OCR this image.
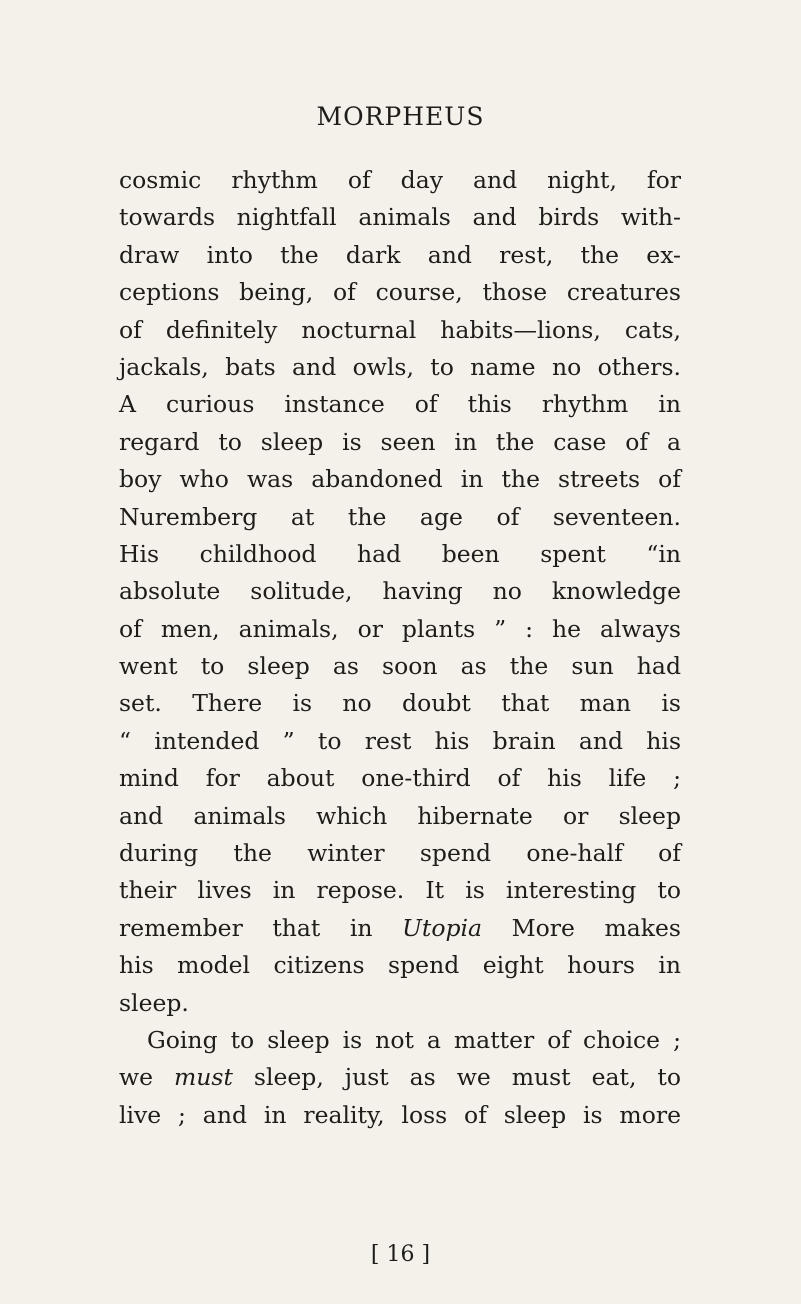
MORPHEUS
cosmic rhythm of day and night, for
towards nightfall animals and birds with-
draw into the dark and rest, the ex-
ceptions being, of course, those creatures
of definitely nocturnal habits—lions, cats,
jackals, bats and owls, to name no others.
A curious instance of this rhythm in
regard to sleep is seen in the case of a
boy who was abandoned in the streets of
Nuremberg at the age of seventeen.
His childhood had been spent “in
absolute solitude, having no knowledge
of men, animals, or plants ” : he always
went to sleep as soon as the sun had
set. There is no doubt that man is
“ intended ” to rest his brain and his
mind for about one-third of his life ;
and animals which hibernate or sleep
during the winter spend one-half of
their lives in repose. It is interesting to
remember that in Utopia More makes
his model citizens spend eight hours in
sleep.
Going to sleep is not a matter of choice ;
we must sleep, just as we must eat, to
live ; and in reality, loss of sleep is more
[ 16 ]
